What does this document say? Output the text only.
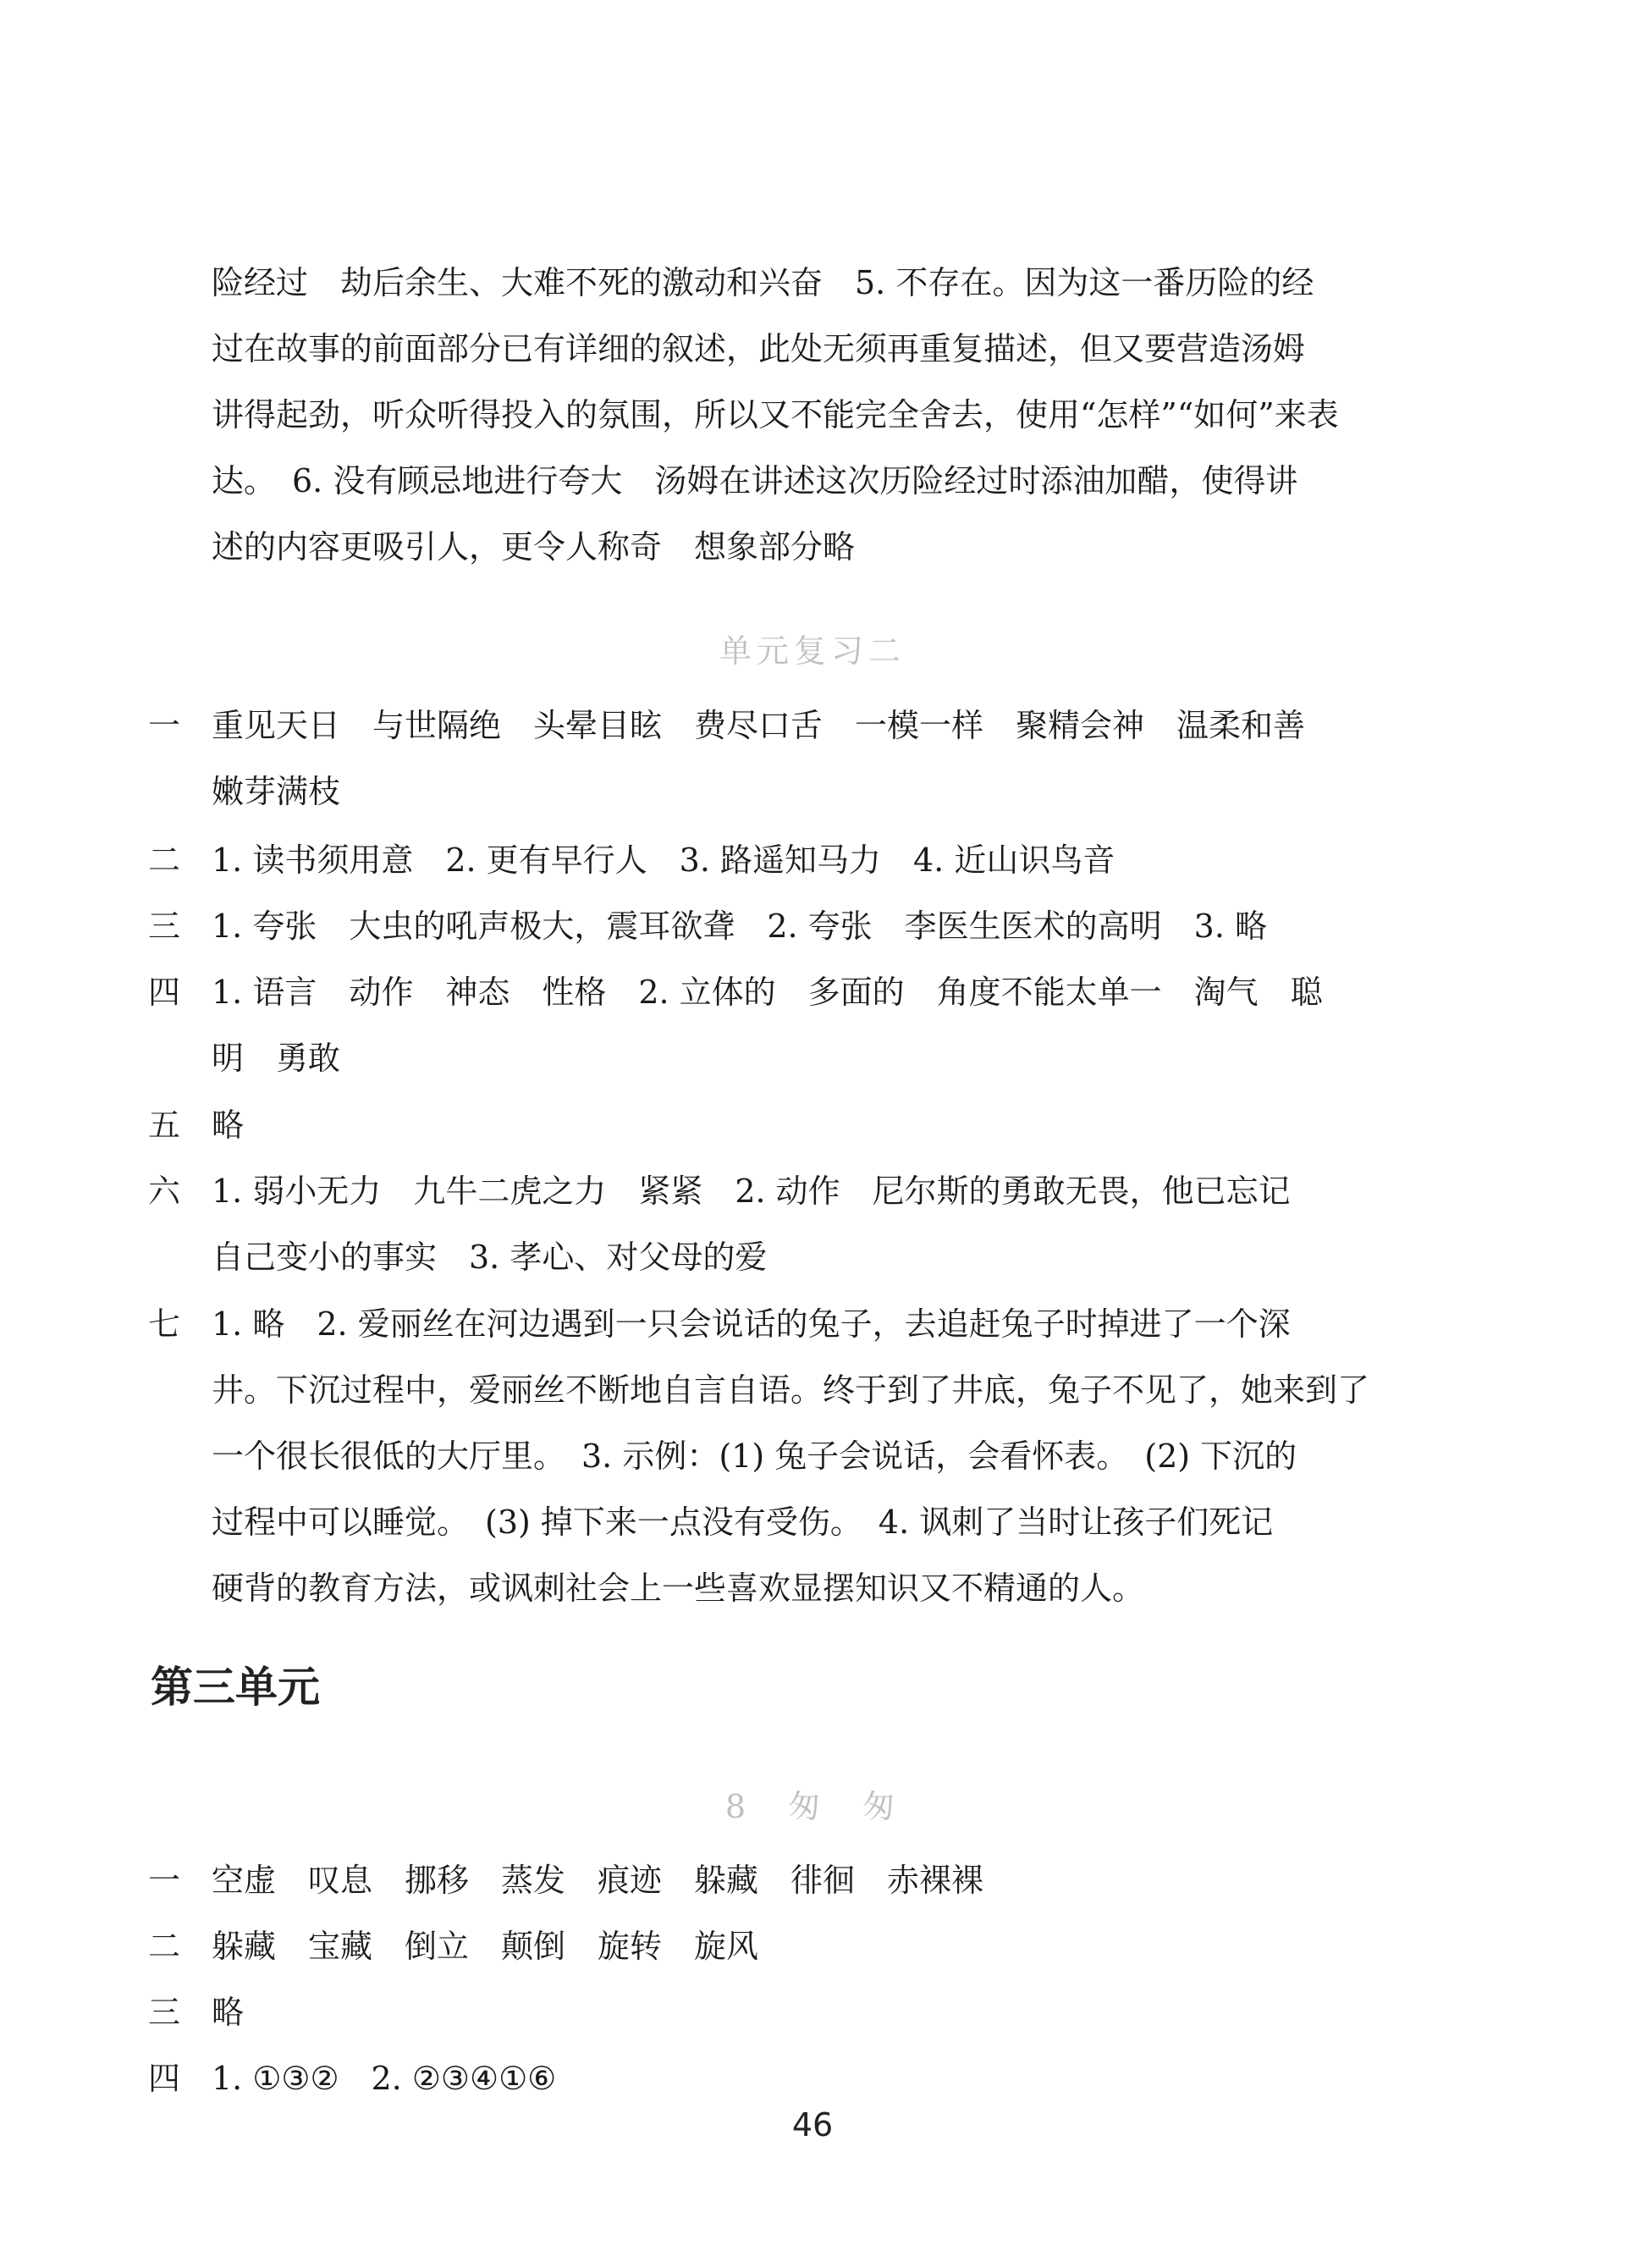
险经过　劫后余生、大难不死的激动和兴奋　5. 不存在。因为这一番历险的经
过在故事的前面部分已有详细的叙述，此处无须再重复描述，但又要营造汤姆
讲得起劲，听众听得投入的氛围，所以又不能完全舍去，使用“怎样”“如何”来表
达。　6. 没有顾忌地进行夸大　汤姆在讲述这次历险经过时添油加醋，使得讲
述的内容更吸引人，更令人称奇　想象部分略
单元复习二
一 重见天日　与世隔绝　头晕目眩　费尽口舌　一模一样　聚精会神　温柔和善
嫩芽满枝
二 1. 读书须用意　2. 更有早行人　3. 路遥知马力　4. 近山识鸟音
三 1. 夸张　大虫的吼声极大，震耳欲聋　2. 夸张　李医生医术的高明　3. 略
四 1. 语言　动作　神态　性格　2. 立体的　多面的　角度不能太单一　淘气　聪
明　勇敢
五 略
六 1. 弱小无力　九牛二虎之力　紧紧　2. 动作　尼尔斯的勇敢无畏，他已忘记
自己变小的事实　3. 孝心、对父母的爱
七 1. 略　2. 爱丽丝在河边遇到一只会说话的兔子，去追赶兔子时掉进了一个深
井。下沉过程中，爱丽丝不断地自言自语。终于到了井底，兔子不见了，她来到了
一个很长很低的大厅里。　3. 示例：(1) 兔子会说话，会看怀表。　(2) 下沉的
过程中可以睡觉。　(3) 掉下来一点没有受伤。　4. 讽刺了当时让孩子们死记
硬背的教育方法，或讽刺社会上一些喜欢显摆知识又不精通的人。
第三单元
8　匆　匆
一 空虚　叹息　挪移　蒸发　痕迹　躲藏　徘徊　赤裸裸
二 躲藏　宝藏　倒立　颠倒　旋转　旋风
三 略
四 1. ①③②　2. ②③④①⑥
46
